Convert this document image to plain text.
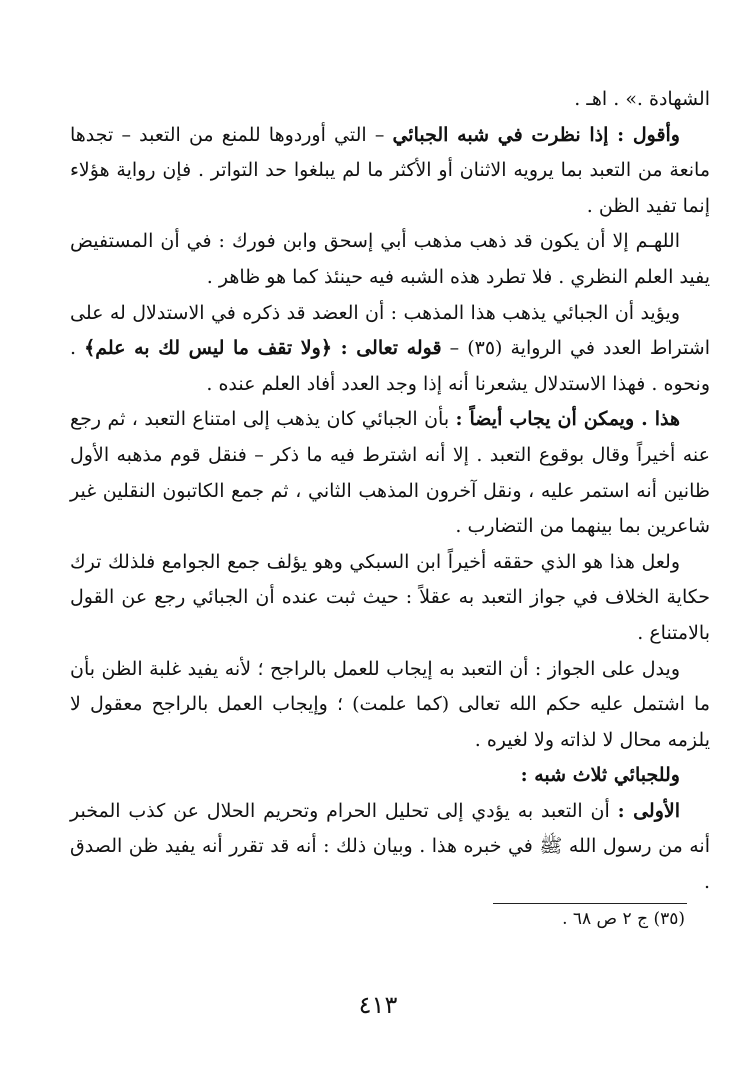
الشهادة .» . اهـ .

وأقول : إذا نظرت في شبه الجبائي – التي أوردوها للمنع من التعبد – تجدها مانعة من التعبد بما يرويه الاثنان أو الأكثر ما لم يبلغوا حد التواتر . فإن رواية هؤلاء إنما تفيد الظن .

اللهـم إلا أن يكون قد ذهب مذهب أبي إسحق وابن فورك : في أن المستفيض يفيد العلم النظري . فلا تطرد هذه الشبه فيه حينئذ كما هو ظاهر .

ويؤيد أن الجبائي يذهب هذا المذهب : أن العضد قد ذكره في الاستدلال له على اشتراط العدد في الرواية (٣٥) – قوله تعالى : ﴿ولا تقف ما ليس لك به علم﴾ . ونحوه . فهذا الاستدلال يشعرنا أنه إذا وجد العدد أفاد العلم عنده .

هذا . ويمكن أن يجاب أيضاً : بأن الجبائي كان يذهب إلى امتناع التعبد ، ثم رجع عنه أخيراً وقال بوقوع التعبد . إلا أنه اشترط فيه ما ذكر – فنقل قوم مذهبه الأول ظانين أنه استمر عليه ، ونقل آخرون المذهب الثاني ، ثم جمع الكاتبون النقلين غير شاعرين بما بينهما من التضارب .

ولعل هذا هو الذي حققه أخيراً ابن السبكي وهو يؤلف جمع الجوامع فلذلك ترك حكاية الخلاف في جواز التعبد به عقلاً : حيث ثبت عنده أن الجبائي رجع عن القول بالامتناع .

ويدل على الجواز : أن التعبد به إيجاب للعمل بالراجح ؛ لأنه يفيد غلبة الظن بأن ما اشتمل عليه حكم الله تعالى (كما علمت) ؛ وإيجاب العمل بالراجح معقول لا يلزمه محال لا لذاته ولا لغيره .

وللجبائي ثلاث شبه :

الأولى : أن التعبد به يؤدي إلى تحليل الحرام وتحريم الحلال عن كذب المخبر أنه من رسول الله ﷺ في خبره هذا . وبيان ذلك : أنه قد تقرر أنه يفيد ظن الصدق .

(٣٥) ج ٢ ص ٦٨ .
٤١٣
